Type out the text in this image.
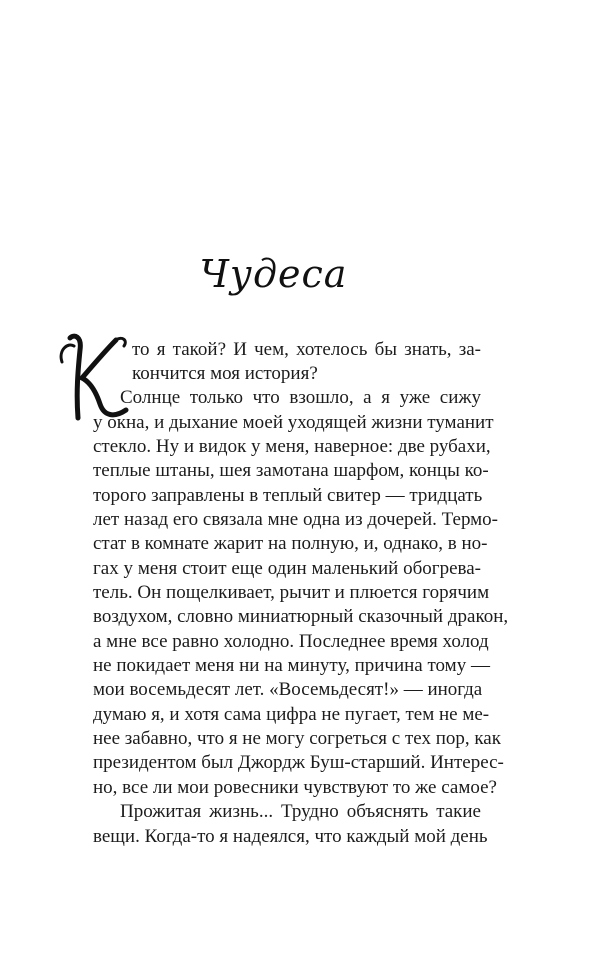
Чудеса
то я такой? И чем, хотелось бы знать, за-
кончится моя история?
Солнце только что взошло, а я уже сижу
у окна, и дыхание моей уходящей жизни туманит
стекло. Ну и видок у меня, наверное: две рубахи,
теплые штаны, шея замотана шарфом, концы ко-
торого заправлены в теплый свитер — тридцать
лет назад его связала мне одна из дочерей. Термо-
стат в комнате жарит на полную, и, однако, в но-
гах у меня стоит еще один маленький обогрева-
тель. Он пощелкивает, рычит и плюется горячим
воздухом, словно миниатюрный сказочный дракон,
а мне все равно холодно. Последнее время холод
не покидает меня ни на минуту, причина тому —
мои восемьдесят лет. «Восемьдесят!» — иногда
думаю я, и хотя сама цифра не пугает, тем не ме-
нее забавно, что я не могу согреться с тех пор, как
президентом был Джордж Буш-старший. Интерес-
но, все ли мои ровесники чувствуют то же самое?
Прожитая жизнь... Трудно объяснять такие
вещи. Когда-то я надеялся, что каждый мой день
